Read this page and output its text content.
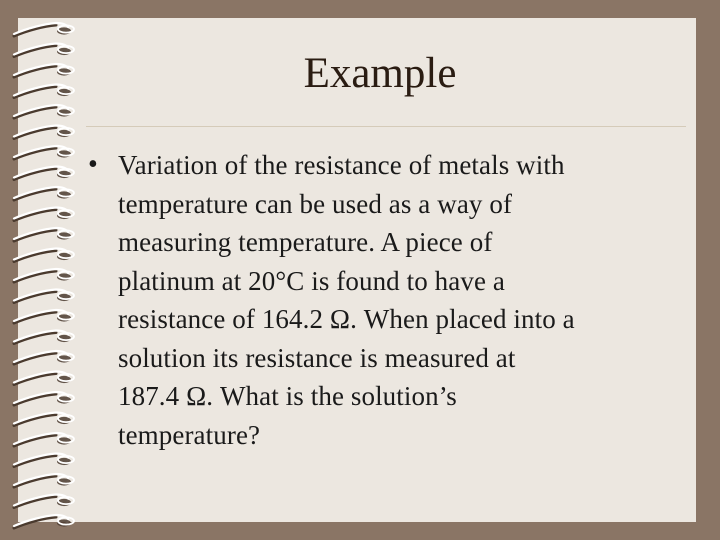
Example
• Variation of the resistance of metals with
temperature can be used as a way of
measuring temperature. A piece of
platinum at 20°C is found to have a
resistance of 164.2 Ω. When placed into a
solution its resistance is measured at
187.4 Ω. What is the solution’s
temperature?
